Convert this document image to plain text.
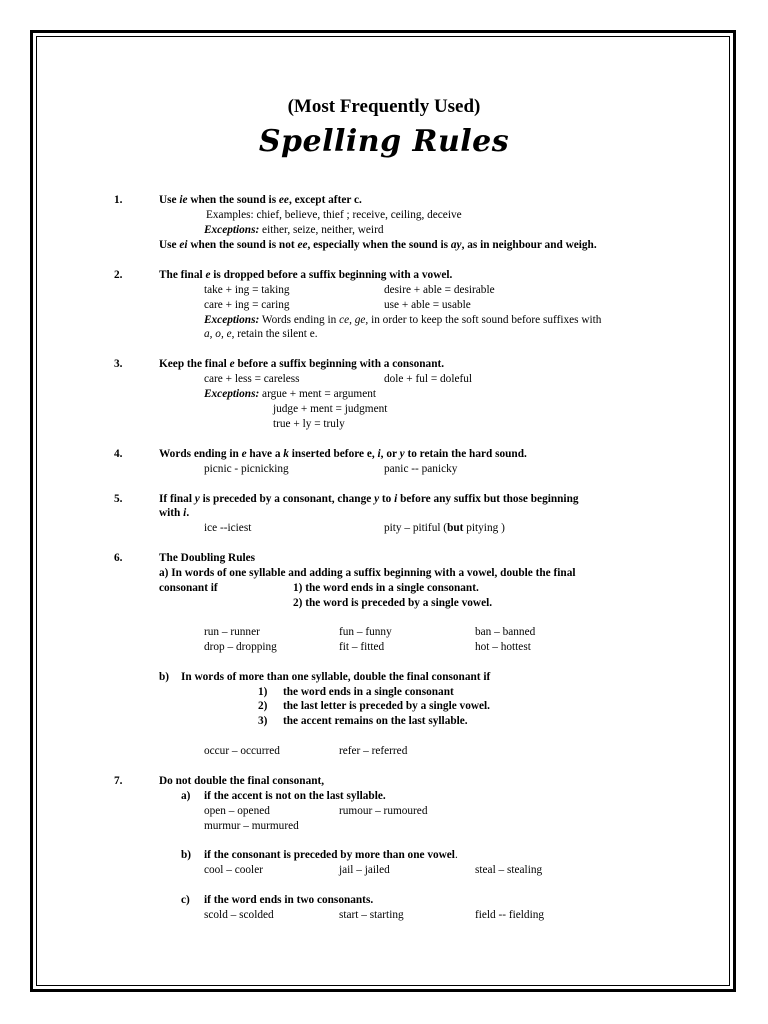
(Most Frequently Used)
Spelling Rules
1.	Use ie when the sound is ee, except after c.
Examples: chief, believe, thief ; receive, ceiling, deceive
Exceptions: either, seize, neither, weird
Use ei when the sound is not ee, especially when the sound is ay, as in neighbour and weigh.
2.	The final e is dropped before a suffix beginning with a vowel.
take + ing = taking	desire + able = desirable
care + ing = caring	use + able = usable
Exceptions: Words ending in ce, ge, in order to keep the soft sound before suffixes with
a, o, e, retain the silent e.
3.	Keep the final e before a suffix beginning with a consonant.
care + less = careless	dole + ful = doleful
Exceptions: argue + ment = argument
judge + ment = judgment
true + ly = truly
4.	Words ending in e have a k inserted before e, i, or y to retain the hard sound.
picnic - picnicking	panic -- panicky
5.	If final y is preceded by a consonant, change y to i before any suffix but those beginning
with i.
ice --iciest	pity – pitiful (but pitying )
6.	The Doubling Rules
a) In words of one syllable and adding a suffix beginning with a vowel, double the final
consonant if	1) the word ends in a single consonant.
2) the word is preceded by a single vowel.
run – runner	fun – funny	ban – banned
drop – dropping	fit – fitted	hot – hottest
b) In words of more than one syllable, double the final consonant if
1) the word ends in a single consonant
2) the last letter is preceded by a single vowel.
3) the accent remains on the last syllable.
occur – occurred	refer – referred
7.	Do not double the final consonant,
a) if the accent is not on the last syllable.
open – opened	rumour – rumoured
murmur – murmured
b) if the consonant is preceded by more than one vowel.
cool – cooler	jail – jailed	steal – stealing
c) if the word ends in two consonants.
scold – scolded	start – starting	field -- fielding
